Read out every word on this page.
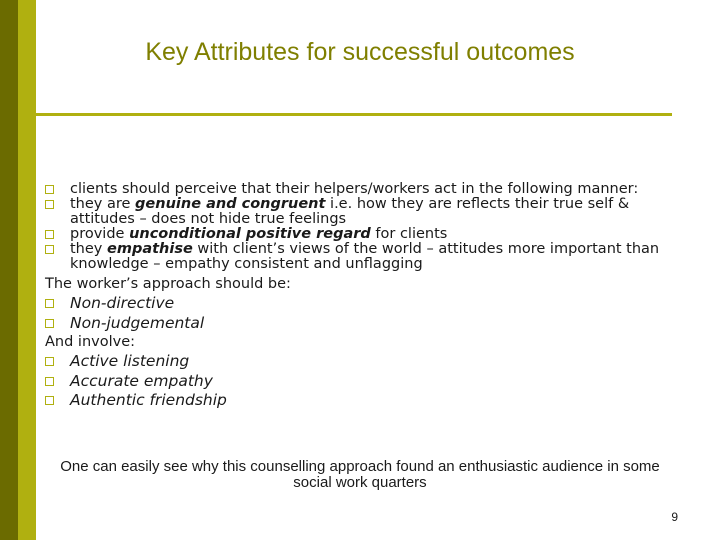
Key Attributes for successful outcomes
clients should perceive that their helpers/workers act in the following manner:
they are genuine and congruent i.e. how they are reflects their true self & attitudes – does not hide true feelings
provide unconditional positive regard for clients
they empathise with client’s views of the world – attitudes more important than knowledge – empathy consistent and unflagging
The worker’s approach should be:
Non-directive
Non-judgemental
And involve:
Active listening
Accurate empathy
Authentic friendship
One can easily see why this counselling approach found an enthusiastic audience in some social work quarters
9
